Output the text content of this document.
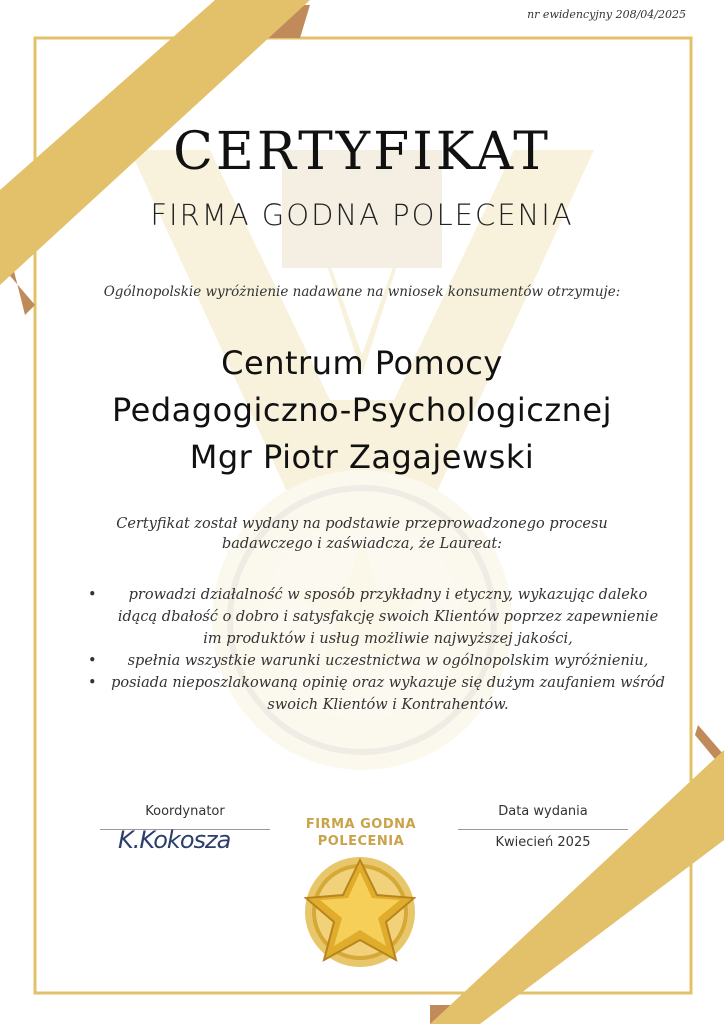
nr ewidencyjny 208/04/2025
CERTYFIKAT
FIRMA GODNA POLECENIA
Ogólnopolskie wyróżnienie nadawane na wniosek konsumentów otrzymuje:
Centrum Pomocy
Pedagogiczno-Psychologicznej
Mgr Piotr Zagajewski
Certyfikat został wydany na podstawie przeprowadzonego procesu badawczego i zaświadcza, że Laureat:
• prowadzi działalność w sposób przykładny i etyczny, wykazując daleko idącą dbałość o dobro i satysfakcję swoich Klientów poprzez zapewnienie im produktów i usług możliwie najwyższej jakości,
• spełnia wszystkie warunki uczestnictwa w ogólnopolskim wyróżnieniu,
• posiada nieposzlakowaną opinię oraz wykazuje się dużym zaufaniem wśród swoich Klientów i Kontrahentów.
Koordynator
K.Kokosza
FIRMA GODNA
POLECENIA
Data wydania
Kwiecień 2025
